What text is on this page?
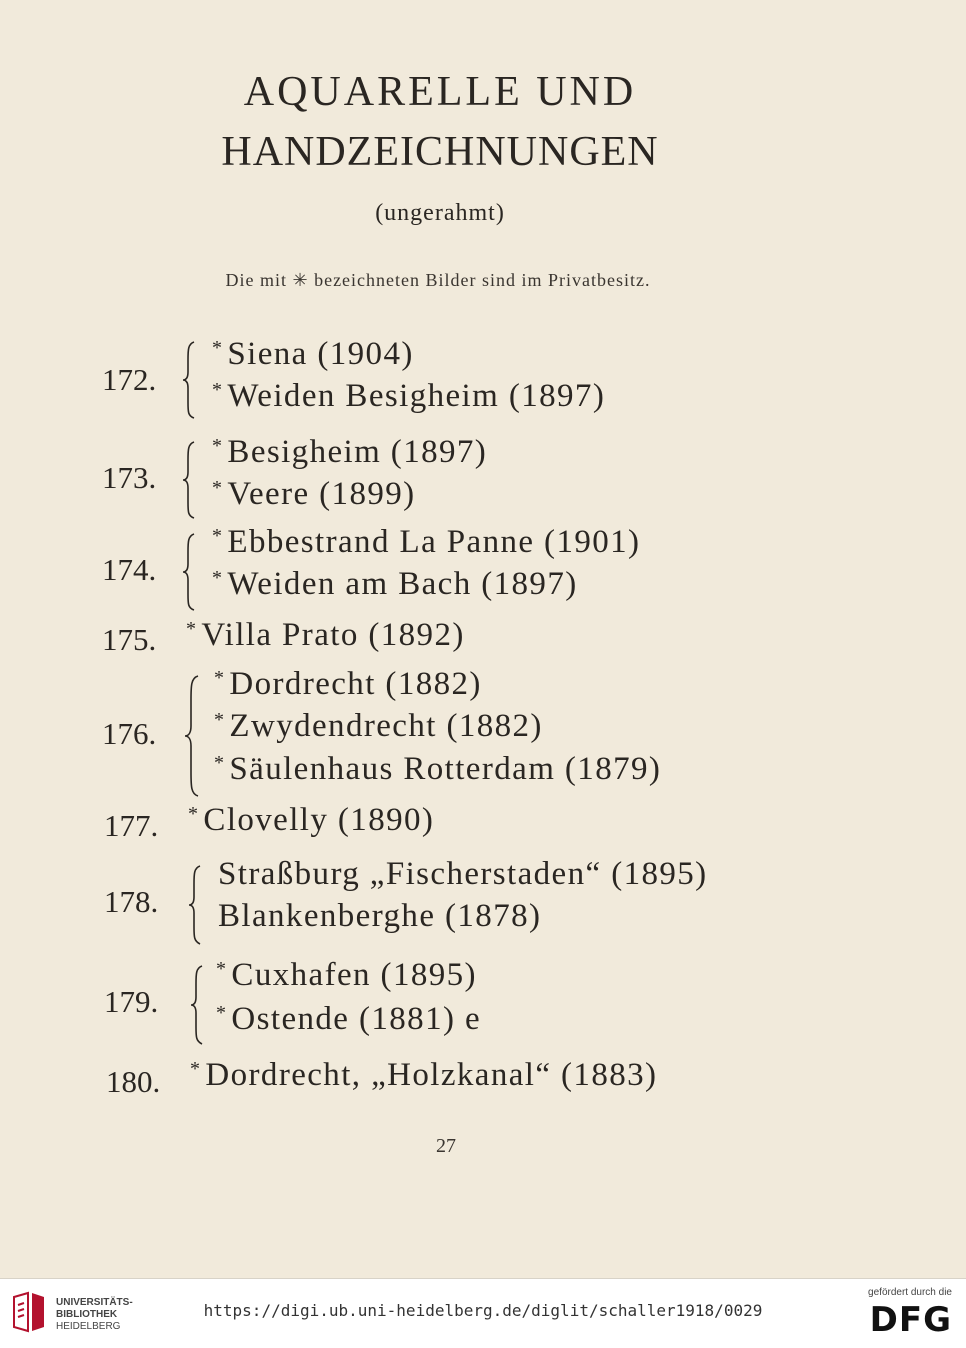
AQUARELLE UND
HANDZEICHNUNGEN
(ungerahmt)
Die mit ✳ bezeichneten Bilder sind im Privatbesitz.
172.
* Siena (1904)
* Weiden Besigheim (1897)
173.
* Besigheim (1897)
* Veere (1899)
174.
* Ebbestrand La Panne (1901)
* Weiden am Bach (1897)
175. * Villa Prato (1892)
176.
* Dordrecht (1882)
* Zwydendrecht (1882)
* Säulenhaus Rotterdam (1879)
177. * Clovelly (1890)
178.
Straßburg „Fischerstaden“ (1895)
Blankenberghe (1878)
179.
* Cuxhafen (1895)
* Ostende (1881) e
180. * Dordrecht, „Holzkanal“ (1883)
27
UNIVERSITÄTS-
BIBLIOTHEK
HEIDELBERG
https://digi.ub.uni-heidelberg.de/diglit/schaller1918/0029
gefördert durch die
DFG
